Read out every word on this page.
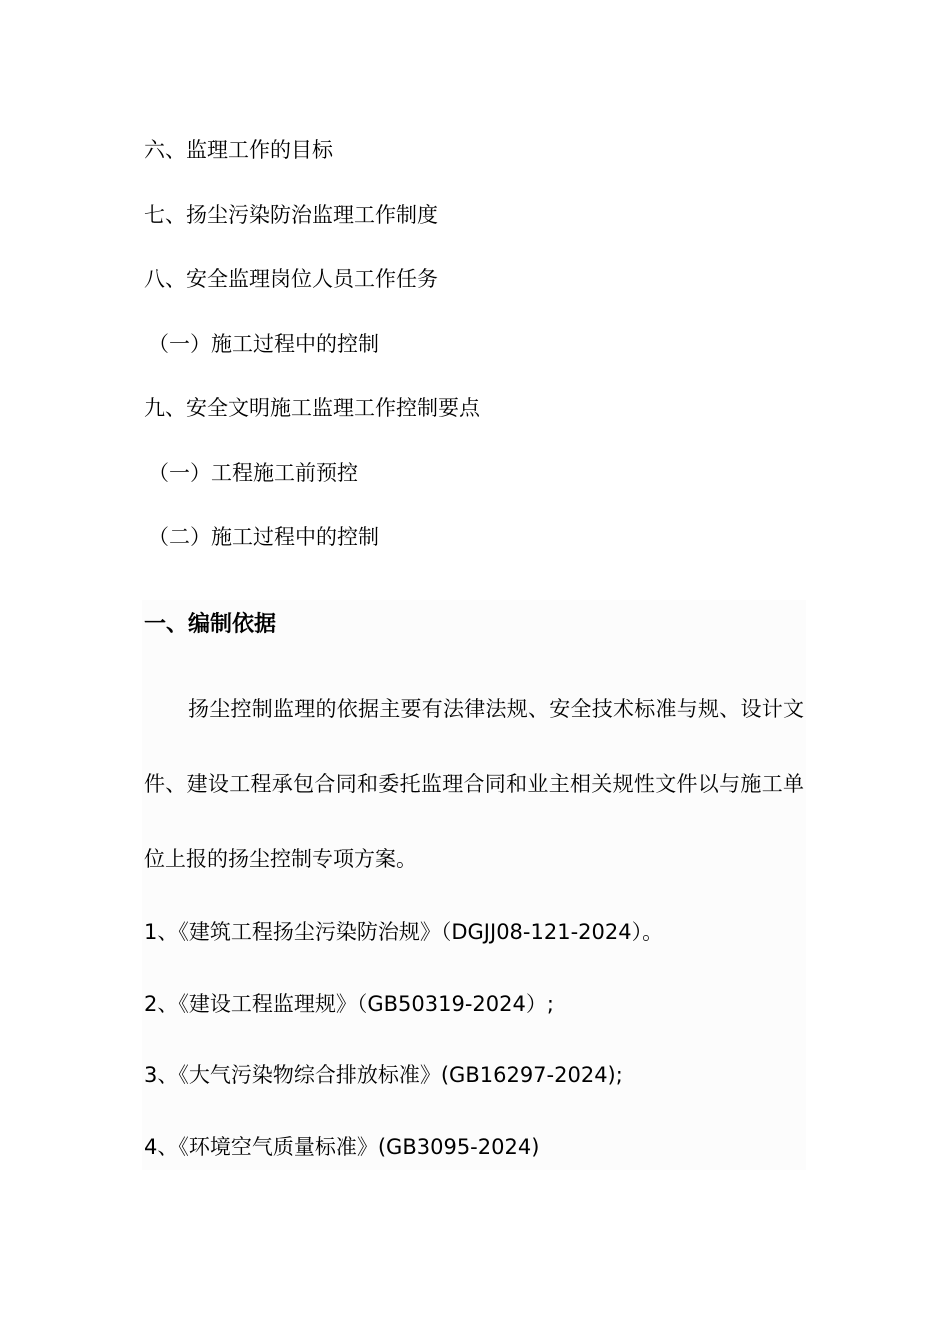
六、监理工作的目标
七、扬尘污染防治监理工作制度
八、安全监理岗位人员工作任务
（一）施工过程中的控制
九、安全文明施工监理工作控制要点
（一）工程施工前预控
（二）施工过程中的控制
一、编制依据

扬尘控制监理的依据主要有法律法规、安全技术标准与规、设计文件、建设工程承包合同和委托监理合同和业主相关规性文件以与施工单位上报的扬尘控制专项方案。

1、《建筑工程扬尘污染防治规》（DGJJ08-121-2024）。
2、《建设工程监理规》（GB50319-2024）;
3、《大气污染物综合排放标准》(GB16297-2024);
4、《环境空气质量标准》(GB3095-2024)
